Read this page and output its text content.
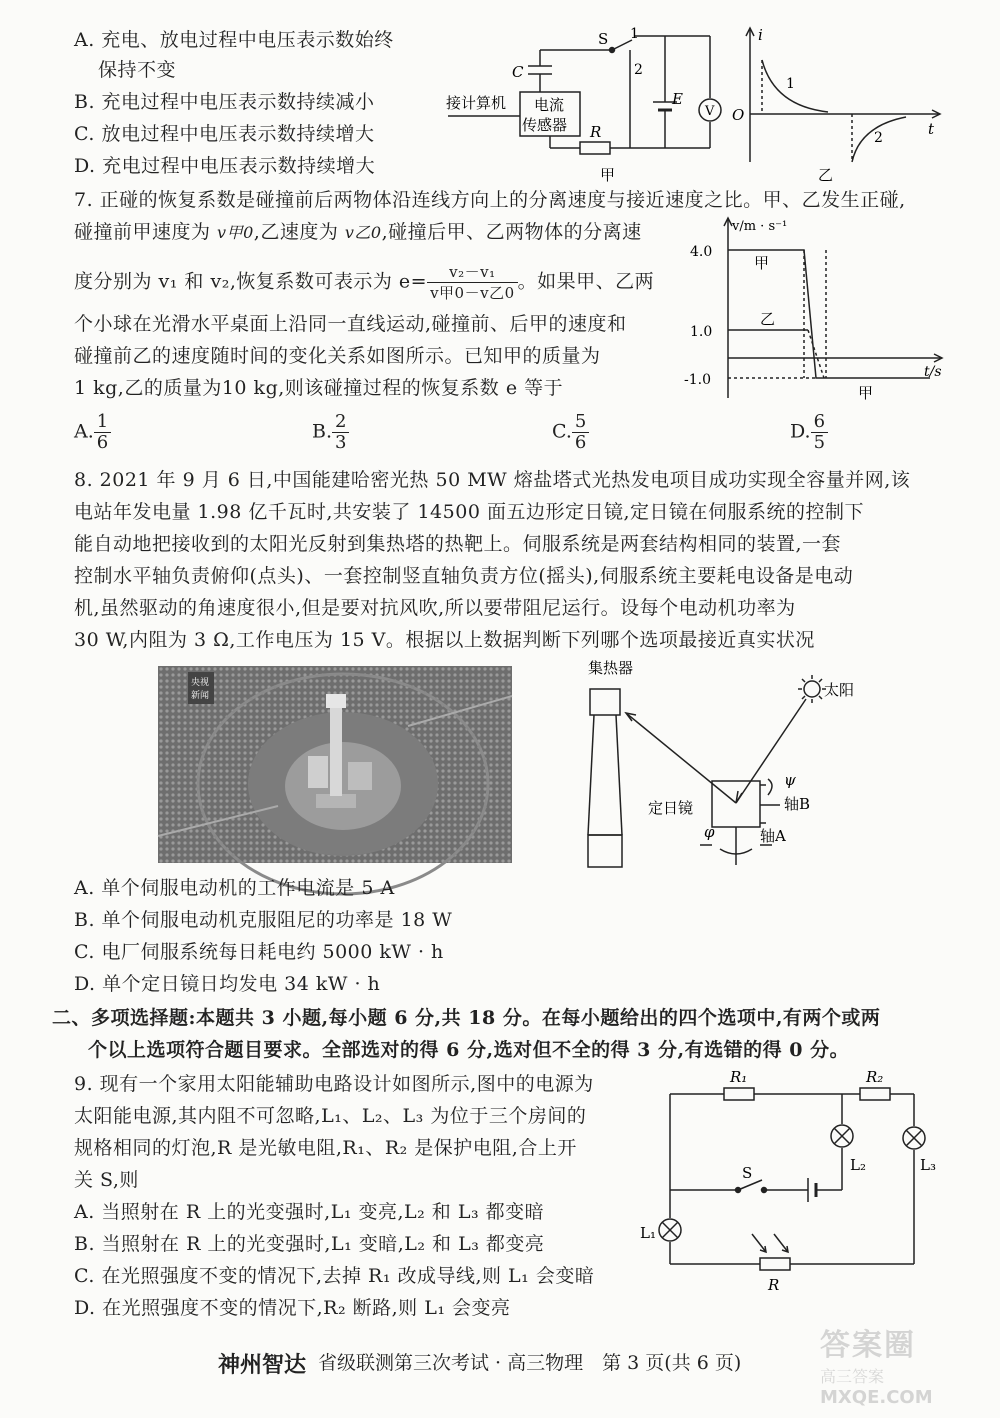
A. 充电、放电过程中电压表示数始终
保持不变
B. 充电过程中电压表示数持续减小
C. 放电过程中电压表示数持续增大
D. 充电过程中电压表示数持续增大
S 1
2
C
E
V
R
接计算机 电流
传感器
甲
i
t
O
1
2
乙
7. 正碰的恢复系数是碰撞前后两物体沿连线方向上的分离速度与接近速度之比。甲、乙发生正碰,
碰撞前甲速度为 v甲0,乙速度为 v乙0,碰撞后甲、乙两物体的分离速
度分别为 v₁ 和 v₂,恢复系数可表示为 $e= \frac{\text{v₂－v₁}}{\text{v甲0－v乙0}}$ 。如果甲、乙两
个小球在光滑水平桌面上沿同一直线运动,碰撞前、后甲的速度和
碰撞前乙的速度随时间的变化关系如图所示。已知甲的质量为
1 kg,乙的质量为10 kg,则该碰撞过程的恢复系数 e 等于
A. $\frac{1}{6}$	B. $\frac{2}{3}$	C. $\frac{5}{6}$	D. $\frac{6}{5}$
v/m · s⁻¹
t/s
4.0
1.0
-1.0
甲
乙
甲
8. 2021 年 9 月 6 日,中国能建哈密光热 50 MW 熔盐塔式光热发电项目成功实现全容量并网,该
电站年发电量 1.98 亿千瓦时,共安装了 14500 面五边形定日镜,定日镜在伺服系统的控制下
能自动地把接收到的太阳光反射到集热塔的热靶上。伺服系统是两套结构相同的装置,一套
控制水平轴负责俯仰(点头)、一套控制竖直轴负责方位(摇头),伺服系统主要耗电设备是电动
机,虽然驱动的角速度很小,但是要对抗风吹,所以要带阻尼运行。设每个电动机功率为
30 W,内阻为 3 Ω,工作电压为 15 V。根据以上数据判断下列哪个选项最接近真实状况
央视
新闻
集热器
太阳
定日镜
ψ
轴B
φ	轴A
A. 单个伺服电动机的工作电流是 5 A
B. 单个伺服电动机克服阻尼的功率是 18 W
C. 电厂伺服系统每日耗电约 5000 kW · h
D. 单个定日镜日均发电 34 kW · h
二、多项选择题:本题共 3 小题,每小题 6 分,共 18 分。在每小题给出的四个选项中,有两个或两
个以上选项符合题目要求。全部选对的得 6 分,选对但不全的得 3 分,有选错的得 0 分。
9. 现有一个家用太阳能辅助电路设计如图所示,图中的电源为
太阳能电源,其内阻不可忽略,L₁、L₂、L₃ 为位于三个房间的
规格相同的灯泡,R 是光敏电阻,R₁、R₂ 是保护电阻,合上开
关 S,则
A. 当照射在 R 上的光变强时,L₁ 变亮,L₂ 和 L₃ 都变暗
B. 当照射在 R 上的光变强时,L₁ 变暗,L₂ 和 L₃ 都变亮
C. 在光照强度不变的情况下,去掉 R₁ 改成导线,则 L₁ 会变暗
D. 在光照强度不变的情况下,R₂ 断路,则 L₁ 会变亮
R₁	R₂
L₂	L₃
S
L₁
R
神州智达 省级联测第三次考试 · 高三物理　第 3 页(共 6 页)	答案圈
高三答案
MXQE.COM
